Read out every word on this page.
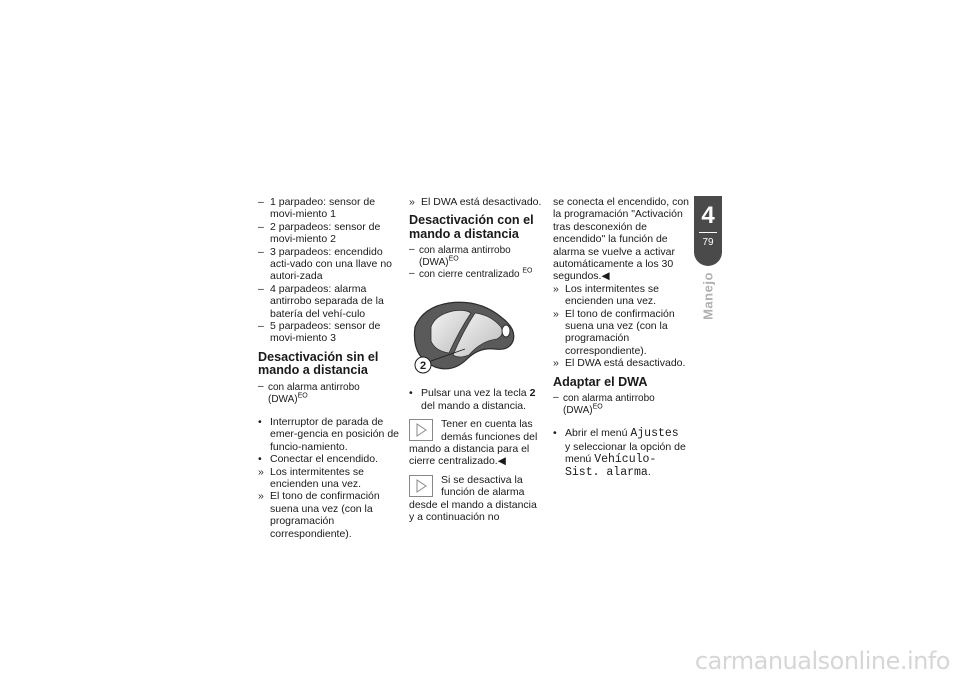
– 1 parpadeo: sensor de movi-miento 1
– 2 parpadeos: sensor de movi-miento 2
– 3 parpadeos: encendido acti-vado con una llave no autori-zada
– 4 parpadeos: alarma antirrobo separada de la batería del vehí-culo
– 5 parpadeos: sensor de movi-miento 3
Desactivación sin el mando a distancia
– con alarma antirrobo (DWA)$^{EO}$
• Interruptor de parada de emer-gencia en posición de funcio-namiento.
• Conectar el encendido.
» Los intermitentes se encienden una vez.
» El tono de confirmación suena una vez (con la programación correspondiente).
» El DWA está desactivado.
Desactivación con el mando a distancia
– con alarma antirrobo (DWA)$^{EO}$
– con cierre centralizado $^{EO}$
2
• Pulsar una vez la tecla 2 del mando a distancia.
Tener en cuenta las demás funciones del mando a distancia para el cierre centralizado.◀
Si se desactiva la función de alarma desde el mando a distancia y a continuación no
se conecta el encendido, con la programación "Activación tras desconexión de encendido" la función de alarma se vuelve a activar automáticamente a los 30 segundos.◀
» Los intermitentes se encienden una vez.
» El tono de confirmación suena una vez (con la programación correspondiente).
» El DWA está desactivado.
Adaptar el DWA
– con alarma antirrobo (DWA)$^{EO}$
• Abrir el menú Ajustes
y seleccionar la opción de menú Vehículo-Sist. alarma.
4
79
Manejo
carmanualsonline.info
